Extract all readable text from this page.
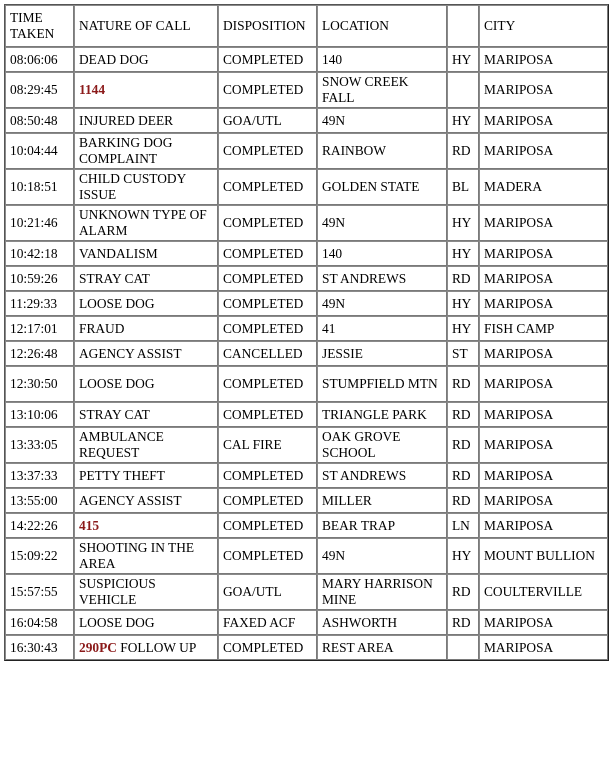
TIME TAKEN	NATURE OF CALL	DISPOSITION	LOCATION		CITY
08:06:06	DEAD DOG	COMPLETED	140	HY	MARIPOSA
08:29:45	1144	COMPLETED	SNOW CREEK FALL		MARIPOSA
08:50:48	INJURED DEER	GOA/UTL	49N	HY	MARIPOSA
10:04:44	BARKING DOG COMPLAINT	COMPLETED	RAINBOW	RD	MARIPOSA
10:18:51	CHILD CUSTODY ISSUE	COMPLETED	GOLDEN STATE	BL	MADERA
10:21:46	UNKNOWN TYPE OF ALARM	COMPLETED	49N	HY	MARIPOSA
10:42:18	VANDALISM	COMPLETED	140	HY	MARIPOSA
10:59:26	STRAY CAT	COMPLETED	ST ANDREWS	RD	MARIPOSA
11:29:33	LOOSE DOG	COMPLETED	49N	HY	MARIPOSA
12:17:01	FRAUD	COMPLETED	41	HY	FISH CAMP
12:26:48	AGENCY ASSIST	CANCELLED	JESSIE	ST	MARIPOSA
12:30:50	LOOSE DOG	COMPLETED	STUMPFIELD MTN	RD	MARIPOSA
13:10:06	STRAY CAT	COMPLETED	TRIANGLE PARK	RD	MARIPOSA
13:33:05	AMBULANCE REQUEST	CAL FIRE	OAK GROVE SCHOOL	RD	MARIPOSA
13:37:33	PETTY THEFT	COMPLETED	ST ANDREWS	RD	MARIPOSA
13:55:00	AGENCY ASSIST	COMPLETED	MILLER	RD	MARIPOSA
14:22:26	415	COMPLETED	BEAR TRAP	LN	MARIPOSA
15:09:22	SHOOTING IN THE AREA	COMPLETED	49N	HY	MOUNT BULLION
15:57:55	SUSPICIOUS VEHICLE	GOA/UTL	MARY HARRISON MINE	RD	COULTERVILLE
16:04:58	LOOSE DOG	FAXED ACF	ASHWORTH	RD	MARIPOSA
16:30:43	290PC FOLLOW UP	COMPLETED	REST AREA		MARIPOSA
